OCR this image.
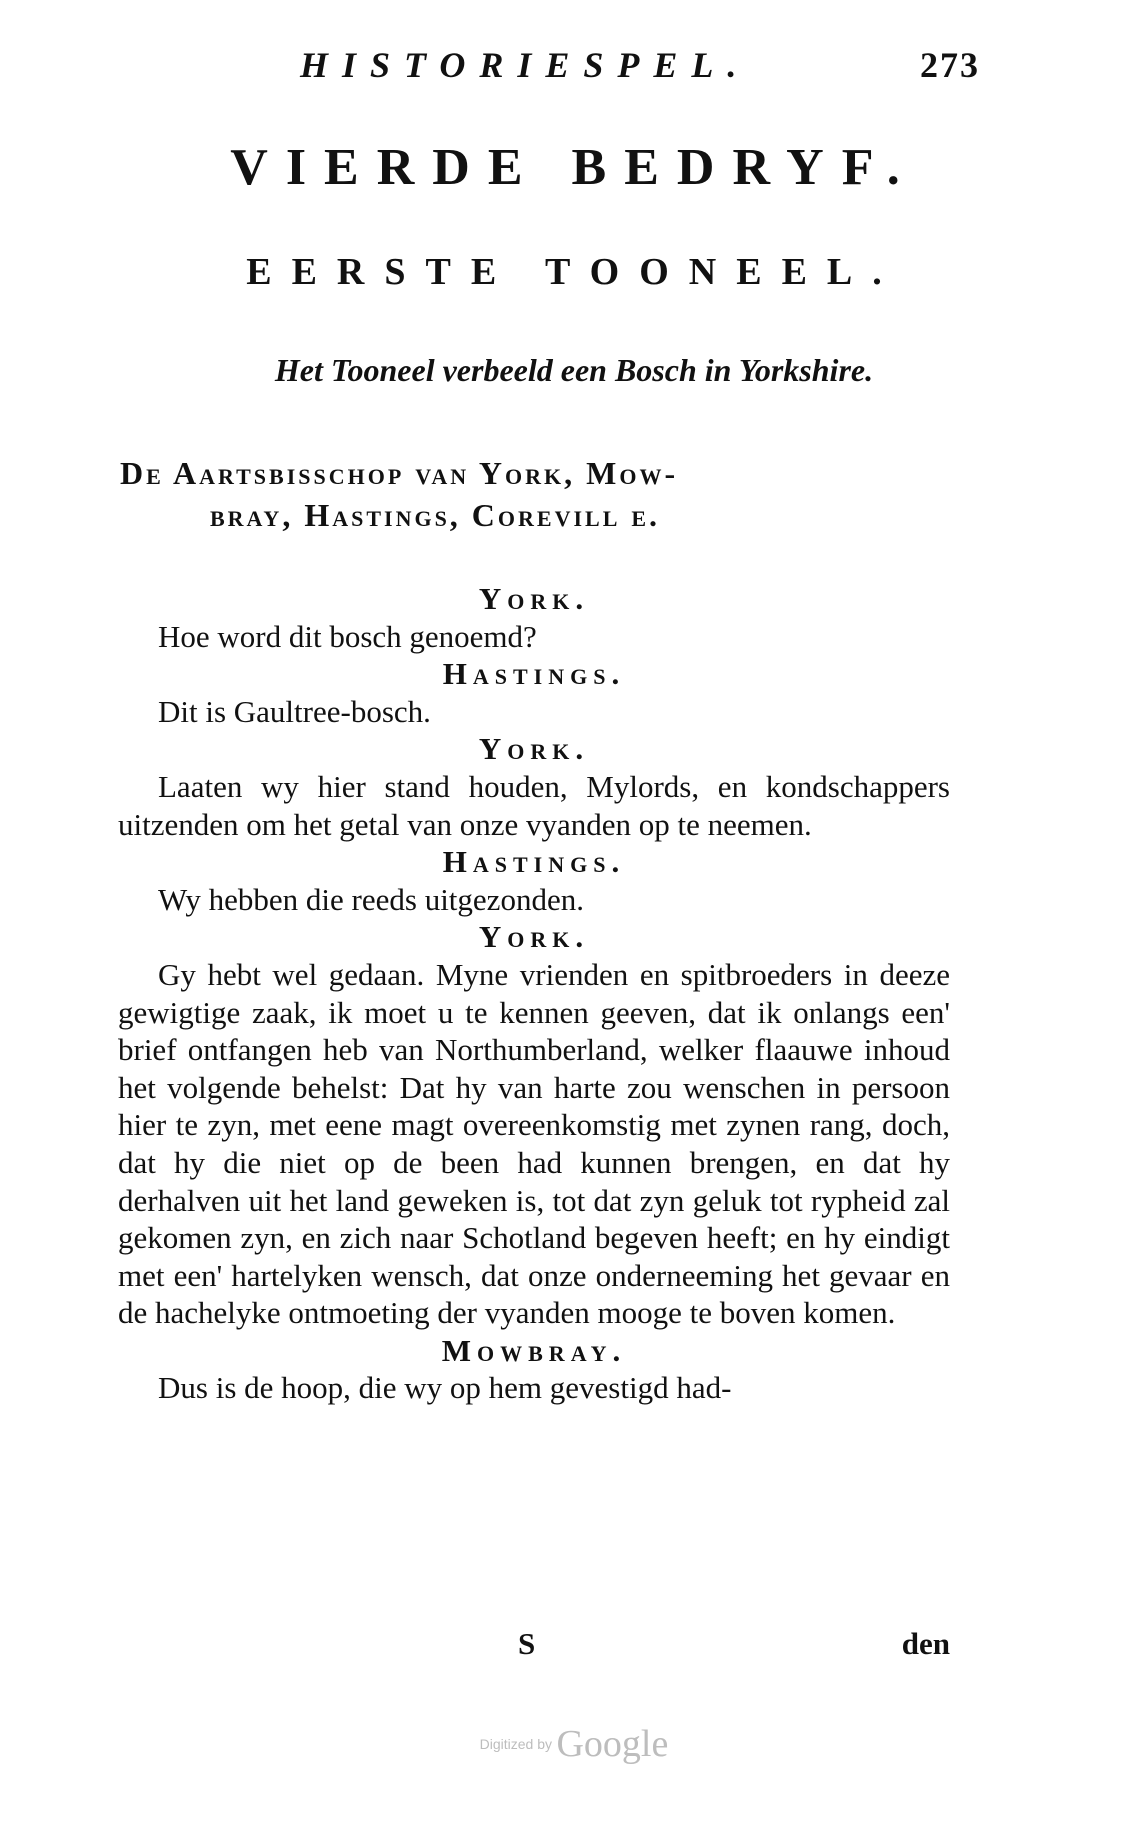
HISTORIESPEL.	273
VIERDE BEDRYF.
EERSTE TOONEEL.
Het Tooneel verbeeld een Bosch in Yorkshire.
De Aartsbisschop van York, Mow-
bray, Hastings, Corevill e.
York.
Hoe word dit bosch genoemd?
Hastings.
Dit is Gaultree-bosch.
York.
Laaten wy hier stand houden, Mylords, en kondschappers uitzenden om het getal van onze vyanden op te neemen.
Hastings.
Wy hebben die reeds uitgezonden.
York.
Gy hebt wel gedaan. Myne vrienden en spitbroeders in deeze gewigtige zaak, ik moet u te kennen geeven, dat ik onlangs een' brief ontfangen heb van Northumberland, welker flaauwe inhoud het volgende behelst: Dat hy van harte zou wenschen in persoon hier te zyn, met eene magt overeenkomstig met zynen rang, doch, dat hy die niet op de been had kunnen brengen, en dat hy derhalven uit het land geweken is, tot dat zyn geluk tot rypheid zal gekomen zyn, en zich naar Schotland begeven heeft; en hy eindigt met een' hartelyken wensch, dat onze onderneeming het gevaar en de hachelyke ontmoeting der vyanden mooge te boven komen.
Mowbray.
Dus is de hoop, die wy op hem gevestigd had-
S	den
Digitized by Google
